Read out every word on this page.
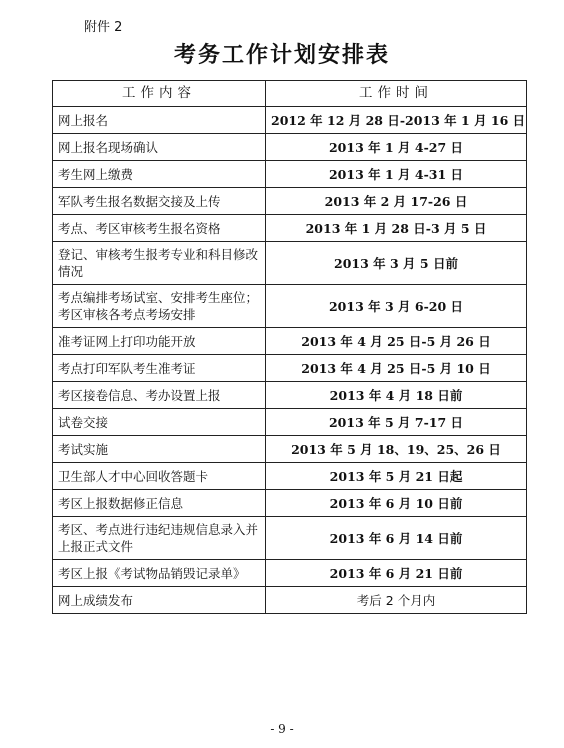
附件 2
考务工作计划安排表
工作内容	工作时间
网上报名	2012 年 12 月 28 日-2013 年 1 月 16 日
网上报名现场确认	2013 年 1 月 4-27 日
考生网上缴费	2013 年 1 月 4-31 日
军队考生报名数据交接及上传	2013 年 2 月 17-26 日
考点、考区审核考生报名资格	2013 年 1 月 28 日-3 月 5 日
登记、审核考生报考专业和科目修改情况	2013 年 3 月 5 日前
考点编排考场试室、安排考生座位；考区审核各考点考场安排	2013 年 3 月 6-20 日
准考证网上打印功能开放	2013 年 4 月 25 日-5 月 26 日
考点打印军队考生准考证	2013 年 4 月 25 日-5 月 10 日
考区接卷信息、考办设置上报	2013 年 4 月 18 日前
试卷交接	2013 年 5 月 7-17 日
考试实施	2013 年 5 月 18、19、25、26 日
卫生部人才中心回收答题卡	2013 年 5 月 21 日起
考区上报数据修正信息	2013 年 6 月 10 日前
考区、考点进行违纪违规信息录入并上报正式文件	2013 年 6 月 14 日前
考区上报《考试物品销毁记录单》	2013 年 6 月 21 日前
网上成绩发布	考后 2 个月内
- 9 -
